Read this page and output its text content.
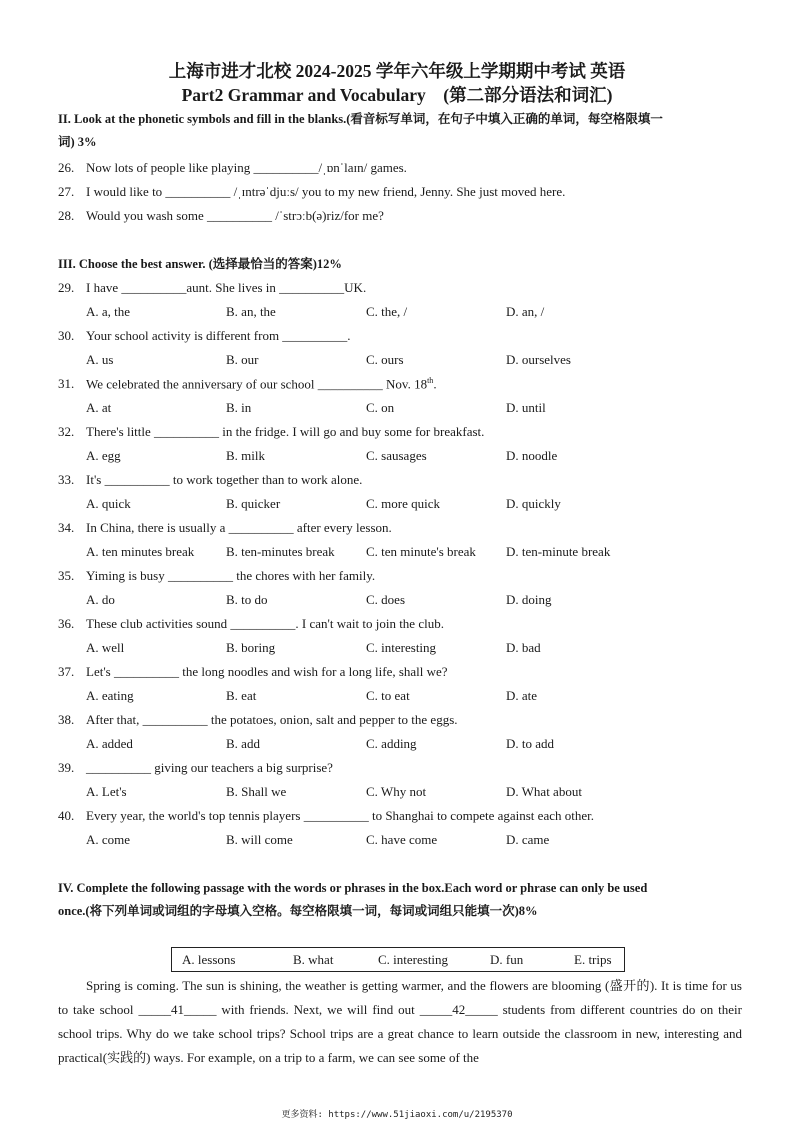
上海市进才北校 2024-2025 学年六年级上学期期中考试 英语
Part2 Grammar and Vocabulary　(第二部分语法和词汇)
II. Look at the phonetic symbols and fill in the blanks.(看音标写单词，在句子中填入正确的单词，每空格限填一
词) 3%
26. Now lots of people like playing __________/ˌɒnˈlaɪn/ games.
27. I would like to __________ /ˌɪntrəˈdjuːs/ you to my new friend, Jenny. She just moved here.
28. Would you wash some __________ /ˈstrɔːb(ə)riz/for me?
III. Choose the best answer. (选择最恰当的答案)12%
29. I have __________aunt. She lives in __________UK.
A. a, the	B. an, the	C. the, /	D. an, /
30. Your school activity is different from __________.
A. us	B. our	C. ours	D. ourselves
31. We celebrated the anniversary of our school __________ Nov. 18th.
A. at	B. in	C. on	D. until
32. There's little __________ in the fridge. I will go and buy some for breakfast.
A. egg	B. milk	C. sausages	D. noodle
33. It's __________ to work together than to work alone.
A. quick	B. quicker	C. more quick	D. quickly
34. In China, there is usually a __________ after every lesson.
A. ten minutes break B. ten-minutes break C. ten minute's break D. ten-minute break
35. Yiming is busy __________ the chores with her family.
A. do	B. to do	C. does	D. doing
36. These club activities sound __________. I can't wait to join the club.
A. well	B. boring	C. interesting	D. bad
37. Let's __________ the long noodles and wish for a long life, shall we?
A. eating	B. eat	C. to eat	D. ate
38. After that, __________ the potatoes, onion, salt and pepper to the eggs.
A. added	B. add	C. adding	D. to add
39. __________ giving our teachers a big surprise?
A. Let's	B. Shall we	C. Why not	D. What about
40. Every year, the world's top tennis players __________ to Shanghai to compete against each other.
A. come	B. will come	C. have come	D. came
IV. Complete the following passage with the words or phrases in the box.Each word or phrase can only be used
once.(将下列单词或词组的字母填入空格。每空格限填一词，每词或词组只能填一次)8%
A. lessons	B. what	C. interesting	D. fun	E. trips
Spring is coming. The sun is shining, the weather is getting warmer, and the flowers are blooming (盛开的). It is time for us to take school _____41_____ with friends. Next, we will find out _____42_____ students from different countries do on their school trips. Why do we take school trips? School trips are a great chance to learn outside the classroom in new, interesting and practical(实践的) ways. For example, on a trip to a farm, we can see some of the
更多资料: https://www.51jiaoxi.com/u/2195370
